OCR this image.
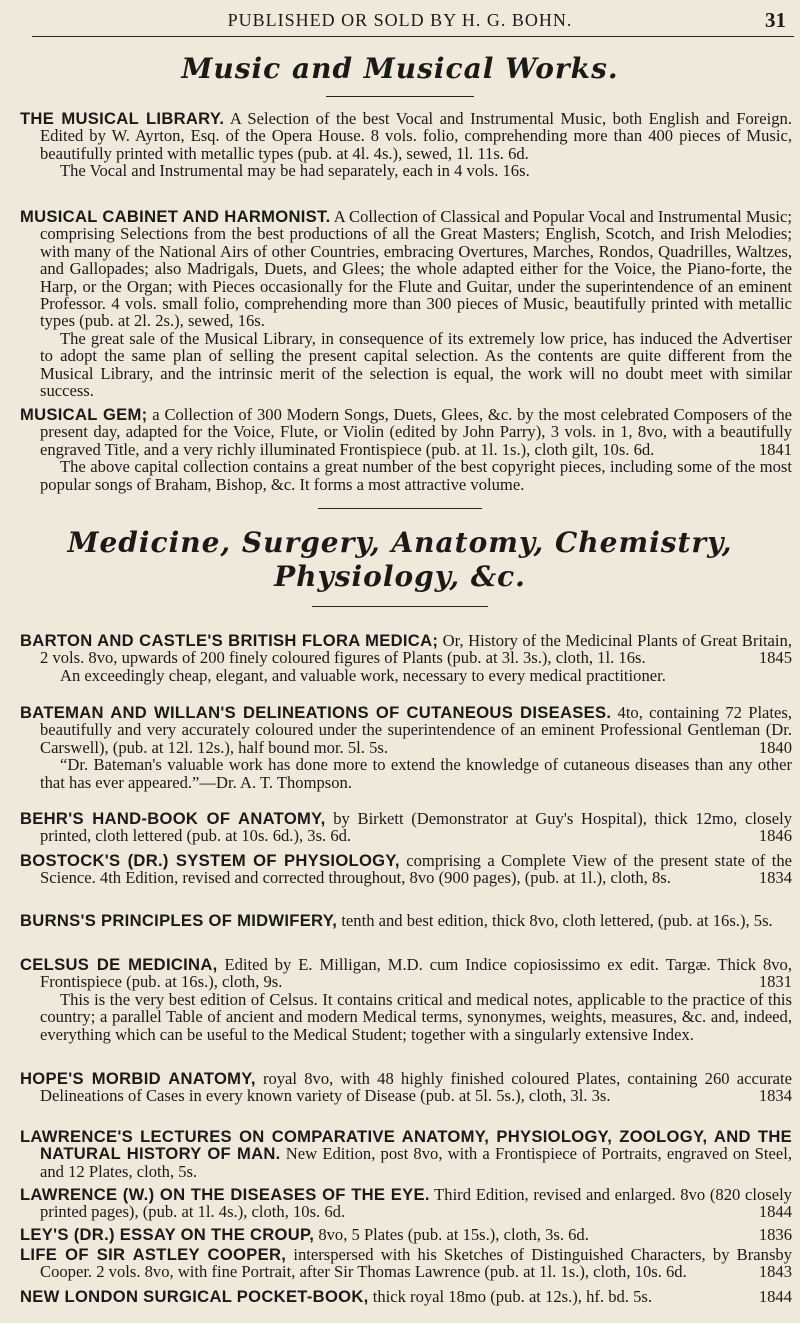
PUBLISHED OR SOLD BY H. G. BOHN.	31
Music and Musical Works.

THE MUSICAL LIBRARY. A Selection of the best Vocal and Instrumental Music, both English and Foreign. Edited by W. Ayrton, Esq. of the Opera House. 8 vols. folio, comprehending more than 400 pieces of Music, beautifully printed with metallic types (pub. at 4l. 4s.), sewed, 1l. 11s. 6d.

The Vocal and Instrumental may be had separately, each in 4 vols. 16s.

MUSICAL CABINET AND HARMONIST. A Collection of Classical and Popular Vocal and Instrumental Music; comprising Selections from the best productions of all the Great Masters; English, Scotch, and Irish Melodies; with many of the National Airs of other Countries, embracing Overtures, Marches, Rondos, Quadrilles, Waltzes, and Gallopades; also Madrigals, Duets, and Glees; the whole adapted either for the Voice, the Piano-forte, the Harp, or the Organ; with Pieces occasionally for the Flute and Guitar, under the superintendence of an eminent Professor. 4 vols. small folio, comprehending more than 300 pieces of Music, beautifully printed with metallic types (pub. at 2l. 2s.), sewed, 16s.

The great sale of the Musical Library, in consequence of its extremely low price, has induced the Advertiser to adopt the same plan of selling the present capital selection. As the contents are quite different from the Musical Library, and the intrinsic merit of the selection is equal, the work will no doubt meet with similar success.

MUSICAL GEM; a Collection of 300 Modern Songs, Duets, Glees, &c. by the most celebrated Composers of the present day, adapted for the Voice, Flute, or Violin (edited by John Parry), 3 vols. in 1, 8vo, with a beautifully engraved Title, and a very richly illuminated Frontispiece (pub. at 1l. 1s.), cloth gilt, 10s. 6d.	1841

The above capital collection contains a great number of the best copyright pieces, including some of the most popular songs of Braham, Bishop, &c. It forms a most attractive volume.

Medicine, Surgery, Anatomy, Chemistry,
Physiology, &c.

BARTON AND CASTLE'S BRITISH FLORA MEDICA; Or, History of the Medicinal Plants of Great Britain, 2 vols. 8vo, upwards of 200 finely coloured figures of Plants (pub. at 3l. 3s.), cloth, 1l. 16s.	1845

An exceedingly cheap, elegant, and valuable work, necessary to every medical practitioner.

BATEMAN AND WILLAN'S DELINEATIONS OF CUTANEOUS DISEASES. 4to, containing 72 Plates, beautifully and very accurately coloured under the superintendence of an eminent Professional Gentleman (Dr. Carswell), (pub. at 12l. 12s.), half bound mor. 5l. 5s.	1840

“Dr. Bateman's valuable work has done more to extend the knowledge of cutaneous diseases than any other that has ever appeared.”—Dr. A. T. Thompson.

BEHR'S HAND-BOOK OF ANATOMY, by Birkett (Demonstrator at Guy's Hospital), thick 12mo, closely printed, cloth lettered (pub. at 10s. 6d.), 3s. 6d.	1846

BOSTOCK'S (DR.) SYSTEM OF PHYSIOLOGY, comprising a Complete View of the present state of the Science. 4th Edition, revised and corrected throughout, 8vo (900 pages), (pub. at 1l.), cloth, 8s.	1834

BURNS'S PRINCIPLES OF MIDWIFERY, tenth and best edition, thick 8vo, cloth lettered, (pub. at 16s.), 5s.

CELSUS DE MEDICINA, Edited by E. Milligan, M.D. cum Indice copiosissimo ex edit. Targæ. Thick 8vo, Frontispiece (pub. at 16s.), cloth, 9s.	1831

This is the very best edition of Celsus. It contains critical and medical notes, applicable to the practice of this country; a parallel Table of ancient and modern Medical terms, synonymes, weights, measures, &c. and, indeed, everything which can be useful to the Medical Student; together with a singularly extensive Index.

HOPE'S MORBID ANATOMY, royal 8vo, with 48 highly finished coloured Plates, containing 260 accurate Delineations of Cases in every known variety of Disease (pub. at 5l. 5s.), cloth, 3l. 3s.	1834

LAWRENCE'S LECTURES ON COMPARATIVE ANATOMY, PHYSIOLOGY, ZOOLOGY, AND THE NATURAL HISTORY OF MAN. New Edition, post 8vo, with a Frontispiece of Portraits, engraved on Steel, and 12 Plates, cloth, 5s.

LAWRENCE (W.) ON THE DISEASES OF THE EYE. Third Edition, revised and enlarged. 8vo (820 closely printed pages), (pub. at 1l. 4s.), cloth, 10s. 6d.	1844

LEY'S (DR.) ESSAY ON THE CROUP, 8vo, 5 Plates (pub. at 15s.), cloth, 3s. 6d.	1836

LIFE OF SIR ASTLEY COOPER, interspersed with his Sketches of Distinguished Characters, by Bransby Cooper. 2 vols. 8vo, with fine Portrait, after Sir Thomas Lawrence (pub. at 1l. 1s.), cloth, 10s. 6d.	1843

NEW LONDON SURGICAL POCKET-BOOK, thick royal 18mo (pub. at 12s.), hf. bd. 5s.	1844
